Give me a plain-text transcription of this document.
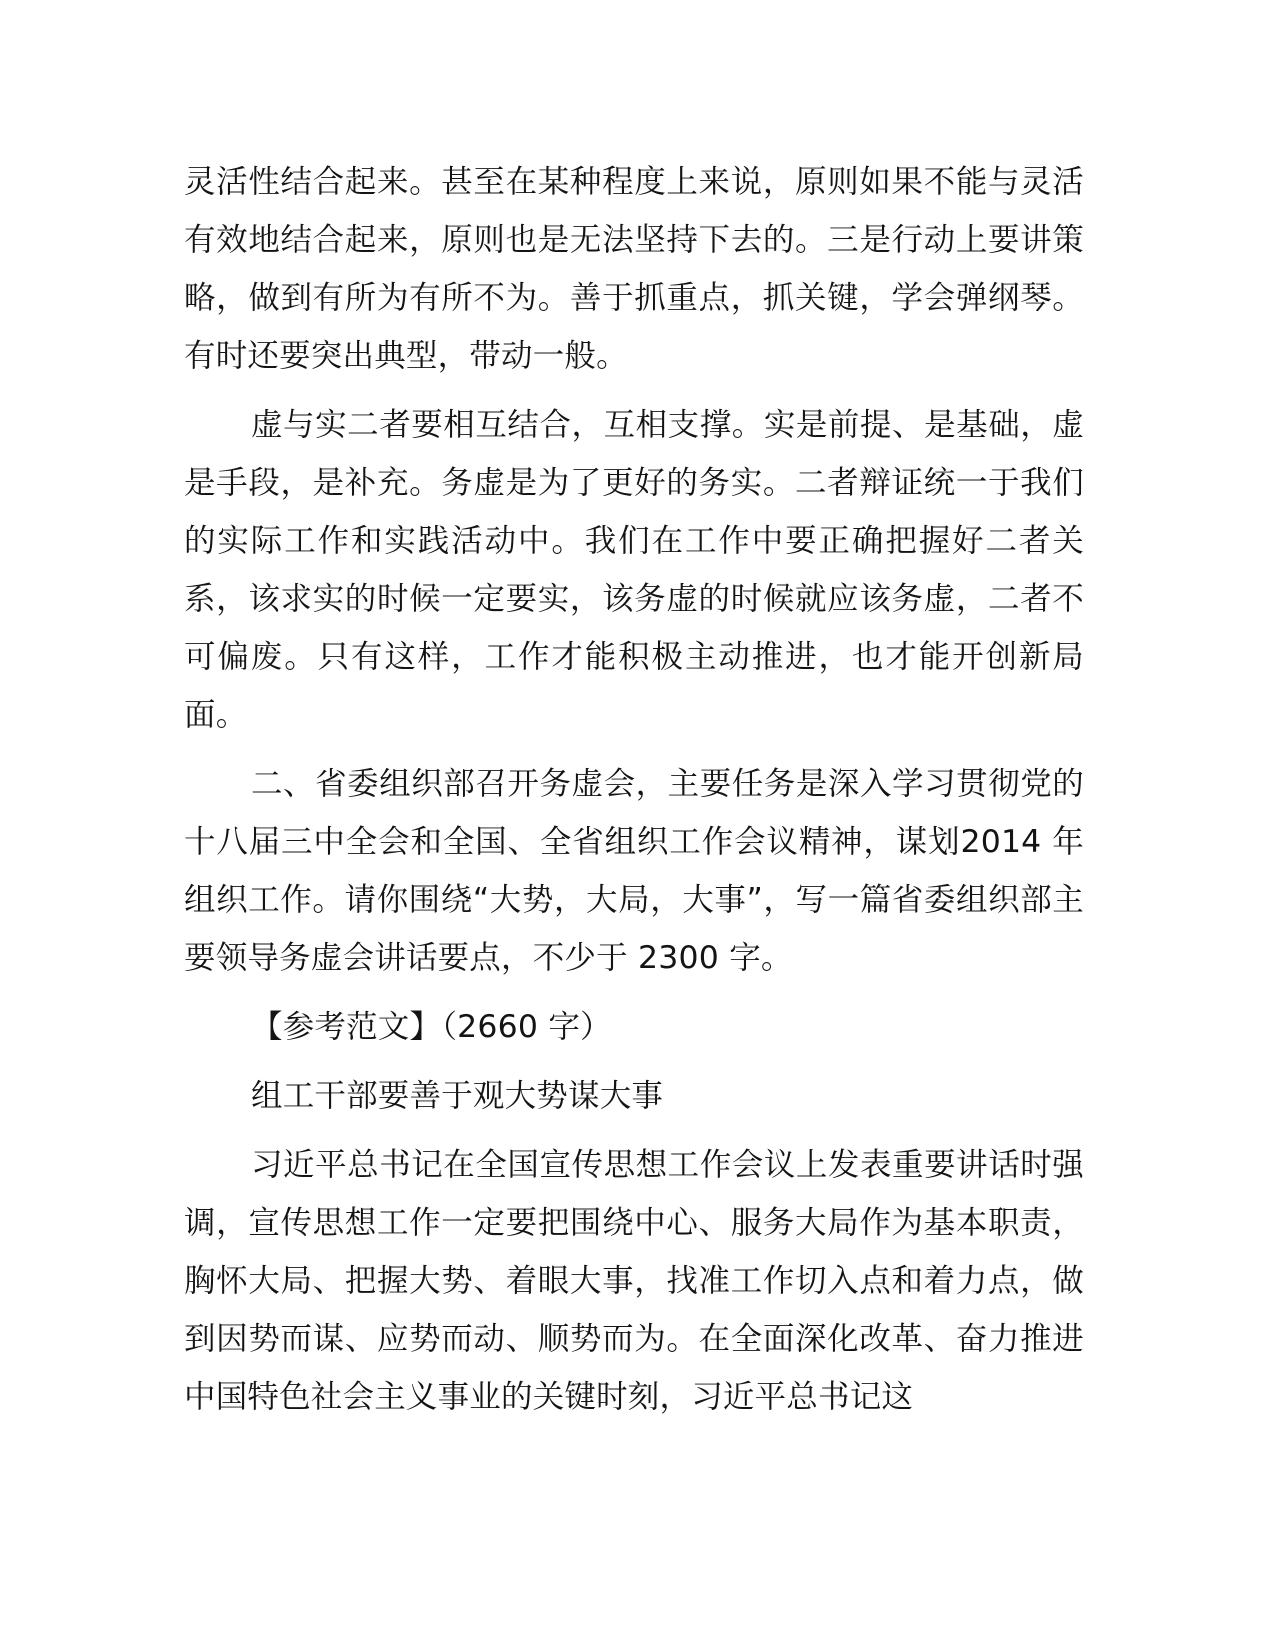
灵活性结合起来。甚至在某种程度上来说，原则如果不能与灵活有效地结合起来，原则也是无法坚持下去的。三是行动上要讲策略，做到有所为有所不为。善于抓重点，抓关键，学会弹纲琴。有时还要突出典型，带动一般。

虚与实二者要相互结合，互相支撑。实是前提、是基础，虚是手段，是补充。务虚是为了更好的务实。二者辩证统一于我们的实际工作和实践活动中。我们在工作中要正确把握好二者关系，该求实的时候一定要实，该务虚的时候就应该务虚，二者不可偏废。只有这样，工作才能积极主动推进，也才能开创新局面。

二、省委组织部召开务虚会，主要任务是深入学习贯彻党的十八届三中全会和全国、全省组织工作会议精神，谋划2014 年组织工作。请你围绕“大势，大局，大事”，写一篇省委组织部主要领导务虚会讲话要点，不少于 2300 字。

【参考范文】（2660 字）

组工干部要善于观大势谋大事

习近平总书记在全国宣传思想工作会议上发表重要讲话时强调，宣传思想工作一定要把围绕中心、服务大局作为基本职责，胸怀大局、把握大势、着眼大事，找准工作切入点和着力点，做到因势而谋、应势而动、顺势而为。在全面深化改革、奋力推进中国特色社会主义事业的关键时刻，习近平总书记这
